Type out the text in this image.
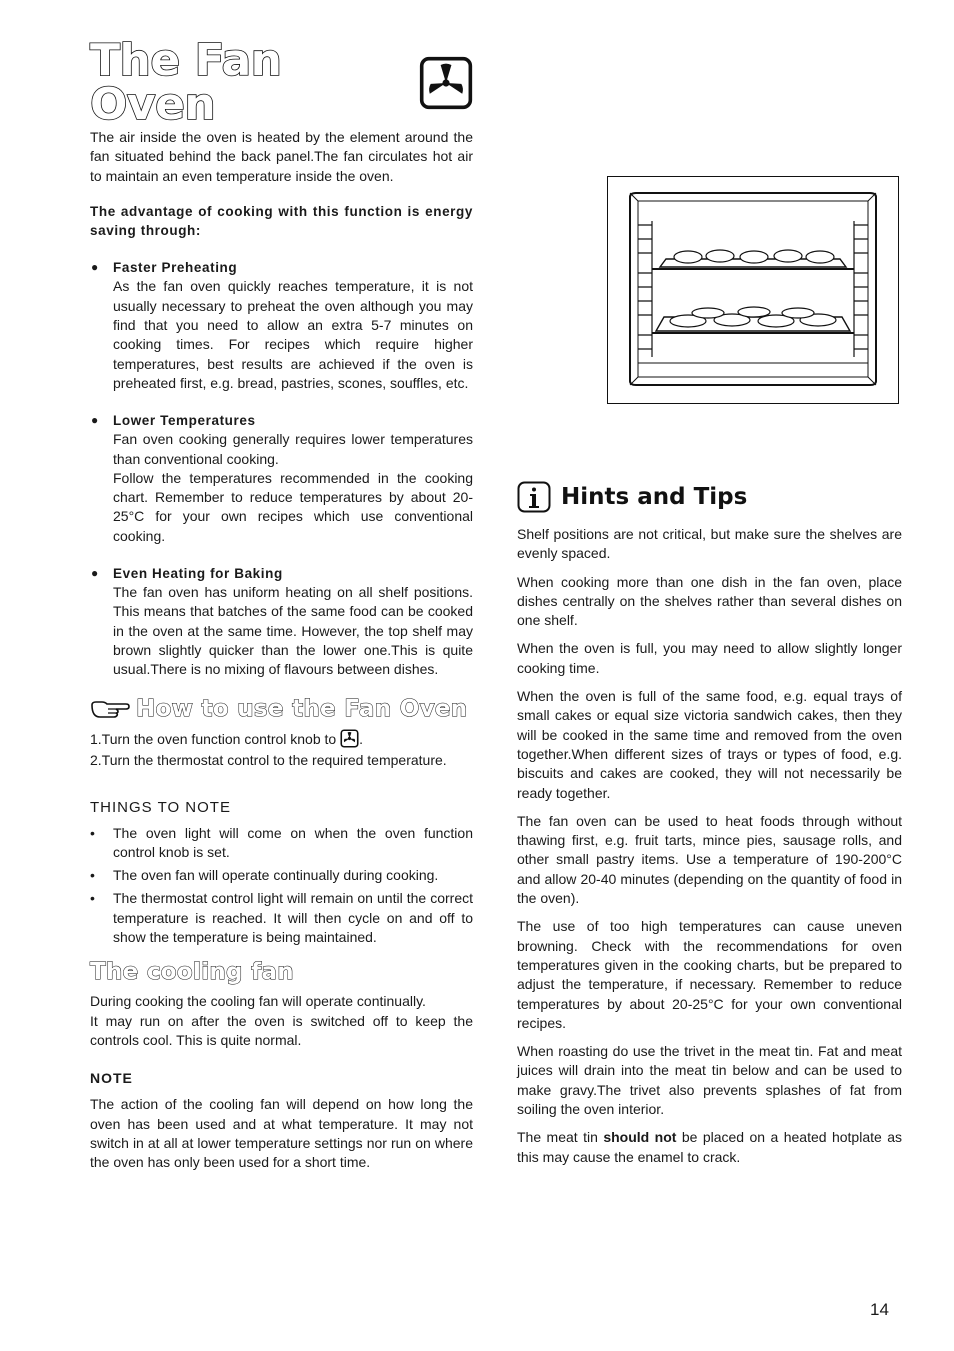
The Fan Oven

The air inside the oven is heated by the element around the fan situated behind the back panel.The fan circulates hot air to maintain an even temperature inside the oven.

The advantage of cooking with this function is energy saving through:

● Faster Preheating

As the fan oven quickly reaches temperature, it is not usually necessary to preheat the oven although you may find that you need to allow an extra 5-7 minutes on cooking times. For recipes which require higher temperatures, best results are achieved if the oven is preheated first, e.g. bread, pastries, scones, souffles, etc.

● Lower Temperatures

Fan oven cooking generally requires lower temperatures than conventional cooking.

Follow the temperatures recommended in the cooking chart. Remember to reduce temperatures by about 20-25°C for your own recipes which use conventional cooking.

● Even Heating for Baking

The fan oven has uniform heating on all shelf positions. This means that batches of the same food can be cooked in the oven at the same time. However, the top shelf may brown slightly quicker than the lower one.This is quite usual.There is no mixing of flavours between dishes.

How to use the Fan Oven
1.Turn the oven function control knob to .
2.Turn the thermostat control to the required temperature.
THINGS TO NOTE
• The oven light will come on when the oven function control knob is set.

• The oven fan will operate continually during cooking.

• The thermostat control light will remain on until the correct temperature is reached. It will then cycle on and off to show the temperature is being maintained.

The cooling fan

During cooking the cooling fan will operate continually.

It may run on after the oven is switched off to keep the controls cool. This is quite normal.

NOTE

The action of the cooling fan will depend on how long the oven has been used and at what temperature. It may not switch in at all at lower temperature settings nor run on where the oven has only been used for a short time.

Hints and Tips

Shelf positions are not critical, but make sure the shelves are evenly spaced.

When cooking more than one dish in the fan oven, place dishes centrally on the shelves rather than several dishes on one shelf.

When the oven is full, you may need to allow slightly longer cooking time.

When the oven is full of the same food, e.g. equal trays of small cakes or equal size victoria sandwich cakes, then they will be cooked in the same time and removed from the oven together.When different sizes of trays or types of food, e.g. biscuits and cakes are cooked, they will not necessarily be ready together.

The fan oven can be used to heat foods through without thawing first, e.g. fruit tarts, mince pies, sausage rolls, and other small pastry items. Use a temperature of 190-200°C and allow 20-40 minutes (depending on the quantity of food in the oven).

The use of too high temperatures can cause uneven browning. Check with the recommendations for oven temperatures given in the cooking charts, but be prepared to adjust the temperature, if necessary. Remember to reduce temperatures by about 20-25°C for your own conventional recipes.

When roasting do use the trivet in the meat tin. Fat and meat juices will drain into the meat tin below and can be used to make gravy.The trivet also prevents splashes of fat from soiling the oven interior.

The meat tin should not be placed on a heated hotplate as this may cause the enamel to crack.

14
